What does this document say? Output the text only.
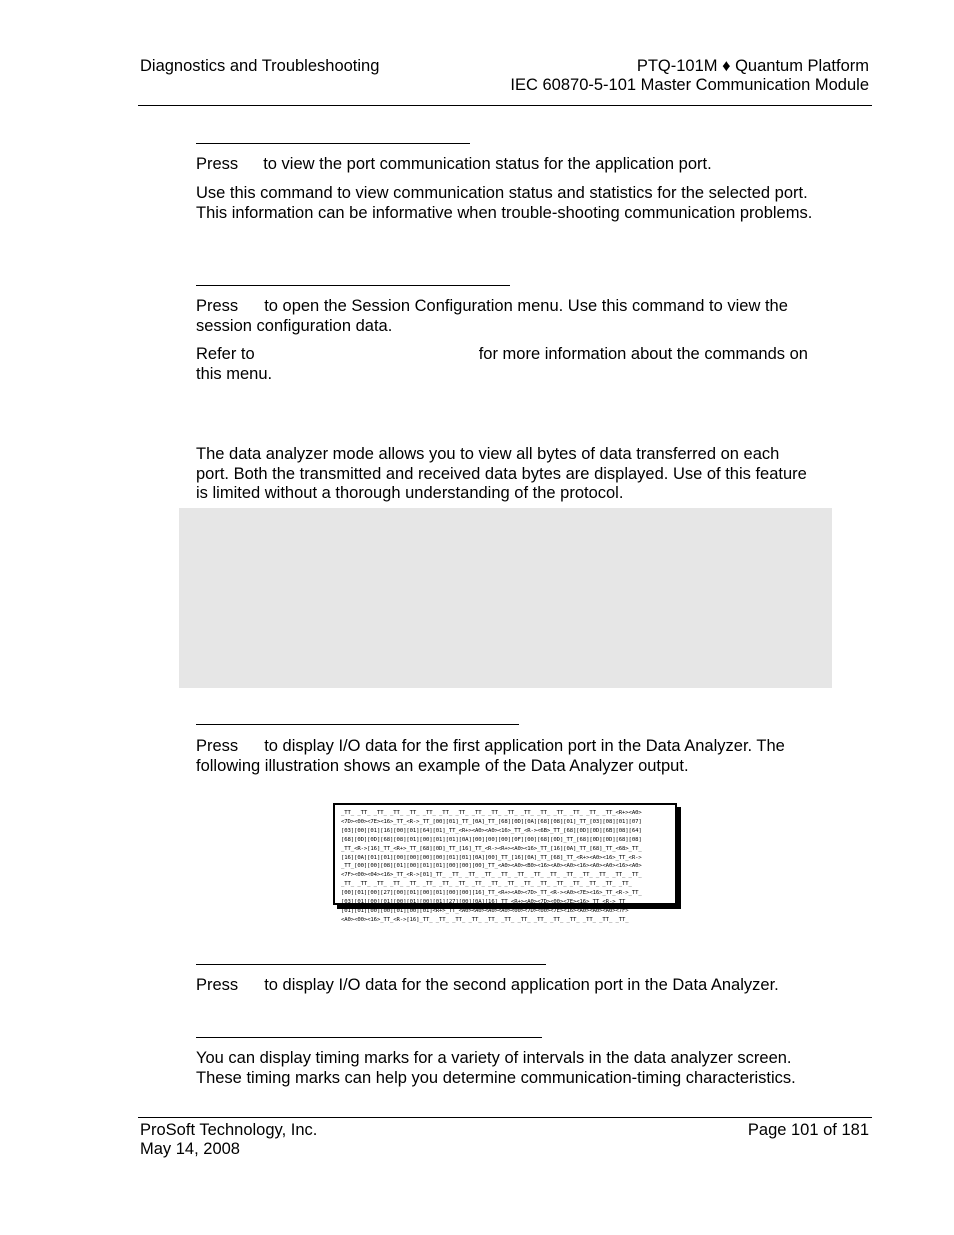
Diagnostics and Troubleshooting	PTQ-101M ♦ Quantum Platform
IEC 60870-5-101 Master Communication Module

Press to view the port communication status for the application port.

Use this command to view communication status and statistics for the selected port. This information can be informative when trouble-shooting communication problems.

Press to open the Session Configuration menu. Use this command to view the session configuration data.

Refer to	for more information about the commands on this menu.

The data analyzer mode allows you to view all bytes of data transferred on each port. Both the transmitted and received data bytes are displayed. Use of this feature is limited without a thorough understanding of the protocol.

Press to display I/O data for the first application port in the Data Analyzer. The following illustration shows an example of the Data Analyzer output.

_TT_ _TT_ _TT_ _TT_ _TT_ _TT_ _TT_ _TT_ _TT_ _TT_ _TT_ _TT_ _TT_ _TT_ _TT_ _TT_ _TT_<R+><A0>
<7D><00><7E><16>_TT_<R->_TT_[00][01]_TT_[0A]_TT_[68][0D][0A][68][08][01]_TT_[03][08][01][07]
[03][00][01][16][00][01][64][01]_TT_<R+><A0><A0><16>_TT_<R-><6B>_TT_[68][0D][0D][6B][08][64]
[68][0D][0D][68][08][01][00][01][01][0A][00][00][00][0F][00][68][0D]_TT_[68][0D][0D][68][08]
_TT_<R->[16]_TT_<R+>_TT_[68][0D]_TT_[16]_TT_<R-><R+><A0><16>_TT_[16][0A]_TT_[68]_TT_<68>_TT_
[16][0A][01][01][00][00][00][00][01][01][0A][00]_TT_[16][0A]_TT_[68]_TT_<R+><A0><16>_TT_<R->
_TT_[00][00][08][01][00][01][01][00][00][00]_TT_<A0><A0><B0><16><A0><A0><16><A0><A0><16><A0>
<7F><00><04><16>_TT_<R->[01]_TT_ _TT_ _TT_ _TT_ _TT_ _TT_ _TT_ _TT_ _TT_ _TT_ _TT_ _TT_ _TT_
_TT_ _TT_ _TT_ _TT_ _TT_ _TT_ _TT_ _TT_ _TT_ _TT_ _TT_ _TT_ _TT_ _TT_ _TT_ _TT_ _TT_ _TT_
[00][01][00][27][00][01][00][01][00][00][16]_TT_<R+><A0><7D>_TT_<R-><A0><7E><16>_TT_<R->_TT_
[03][01][00][01][00][01][00][01][27][00][0A][16]_TT_<R+><A0><7D><00><7E><16>_TT_<R->_TT_
[01][01][00][00][01][00][01]<R+>_TT_<A0><A0><A0><A0><00><7D><00><7E><16><A0><A0><A0><7F>
<A0><00><16>_TT_<R->[16]_TT_ _TT_ _TT_ _TT_ _TT_ _TT_ _TT_ _TT_ _TT_ _TT_ _TT_ _TT_ _TT_

Press to display I/O data for the second application port in the Data Analyzer.

You can display timing marks for a variety of intervals in the data analyzer screen. These timing marks can help you determine communication-timing characteristics.

ProSoft Technology, Inc.
May 14, 2008
Page 101 of 181
